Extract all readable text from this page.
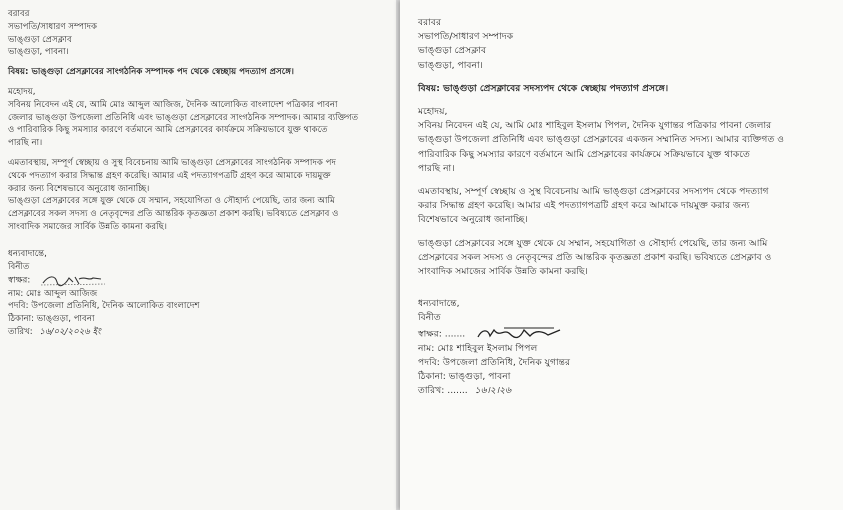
বরাবর
সভাপতি/সাধারণ সম্পাদক
ভাঙ্গুড়া প্রেসক্লাব
ভাঙ্গুড়া, পাবনা।
বিষয়: ভাঙ্গুড়া প্রেসক্লাবের সাংগঠনিক সম্পাদক পদ থেকে স্বেচ্ছায় পদত্যাগ প্রসঙ্গে।
মহোদয়,
সবিনয় নিবেদন এই যে, আমি মোঃ আব্দুল আজিজ, দৈনিক আলোকিত বাংলাদেশ পত্রিকার পাবনা
জেলার ভাঙ্গুড়া উপজেলা প্রতিনিধি এবং ভাঙ্গুড়া প্রেসক্লাবের সাংগঠনিক সম্পাদক। আমার ব্যক্তিগত
ও পারিবারিক কিছু সমস্যার কারণে বর্তমানে আমি প্রেসক্লাবের কার্যক্রমে সক্রিয়ভাবে যুক্ত থাকতে
পারছি না।
এমতাবস্থায়, সম্পূর্ণ স্বেচ্ছায় ও সুস্থ বিবেচনায় আমি ভাঙ্গুড়া প্রেসক্লাবের সাংগঠনিক সম্পাদক পদ
থেকে পদত্যাগ করার সিদ্ধান্ত গ্রহণ করেছি। আমার এই পদত্যাগপত্রটি গ্রহণ করে আমাকে দায়মুক্ত
করার জন্য বিশেষভাবে অনুরোধ জানাচ্ছি।
ভাঙ্গুড়া প্রেসক্লাবের সঙ্গে যুক্ত থেকে যে সম্মান, সহযোগিতা ও সৌহার্দ্য পেয়েছি, তার জন্য আমি
প্রেসক্লাবের সকল সদস্য ও নেতৃবৃন্দের প্রতি আন্তরিক কৃতজ্ঞতা প্রকাশ করছি। ভবিষ্যতে প্রেসক্লাব ও
সাংবাদিক সমাজের সার্বিক উন্নতি কামনা করছি।
ধন্যবাদান্তে,
বিনীত
স্বাক্ষর:
নাম: মোঃ আব্দুল আজিজ
পদবি: উপজেলা প্রতিনিধি, দৈনিক আলোকিত বাংলাদেশ
ঠিকানা: ভাঙ্গুড়া, পাবনা
তারিখ: ১৬/০২/২০২৬ ইং
বরাবর
সভাপতি/সাধারণ সম্পাদক
ভাঙ্গুড়া প্রেসক্লাব
ভাঙ্গুড়া, পাবনা।
বিষয়: ভাঙ্গুড়া প্রেসক্লাবের সদস্যপদ থেকে স্বেচ্ছায় পদত্যাগ প্রসঙ্গে।
মহোদয়,
সবিনয় নিবেদন এই যে, আমি মোঃ শাহিবুল ইসলাম পিপল, দৈনিক যুগান্তর পত্রিকার পাবনা জেলার
ভাঙ্গুড়া উপজেলা প্রতিনিধি এবং ভাঙ্গুড়া প্রেসক্লাবের একজন সম্মানিত সদস্য। আমার ব্যক্তিগত ও
পারিবারিক কিছু সমস্যার কারণে বর্তমানে আমি প্রেসক্লাবের কার্যক্রমে সক্রিয়ভাবে যুক্ত থাকতে
পারছি না।
এমতাবস্থায়, সম্পূর্ণ স্বেচ্ছায় ও সুস্থ বিবেচনায় আমি ভাঙ্গুড়া প্রেসক্লাবের সদস্যপদ থেকে পদত্যাগ
করার সিদ্ধান্ত গ্রহণ করেছি। আমার এই পদত্যাগপত্রটি গ্রহণ করে আমাকে দায়মুক্ত করার জন্য
বিশেষভাবে অনুরোধ জানাচ্ছি।
ভাঙ্গুড়া প্রেসক্লাবের সঙ্গে যুক্ত থেকে যে সম্মান, সহযোগিতা ও সৌহার্দ্য পেয়েছি, তার জন্য আমি
প্রেসক্লাবের সকল সদস্য ও নেতৃবৃন্দের প্রতি আন্তরিক কৃতজ্ঞতা প্রকাশ করছি। ভবিষ্যতে প্রেসক্লাব ও
সাংবাদিক সমাজের সার্বিক উন্নতি কামনা করছি।
ধন্যবাদান্তে,
বিনীত
স্বাক্ষর: .......
নাম: মোঃ শাহিবুল ইসলাম পিপল
পদবি: উপজেলা প্রতিনিধি, দৈনিক যুগান্তর
ঠিকানা: ভাঙ্গুড়া, পাবনা
তারিখ: ....... ১৬।২।২৬
